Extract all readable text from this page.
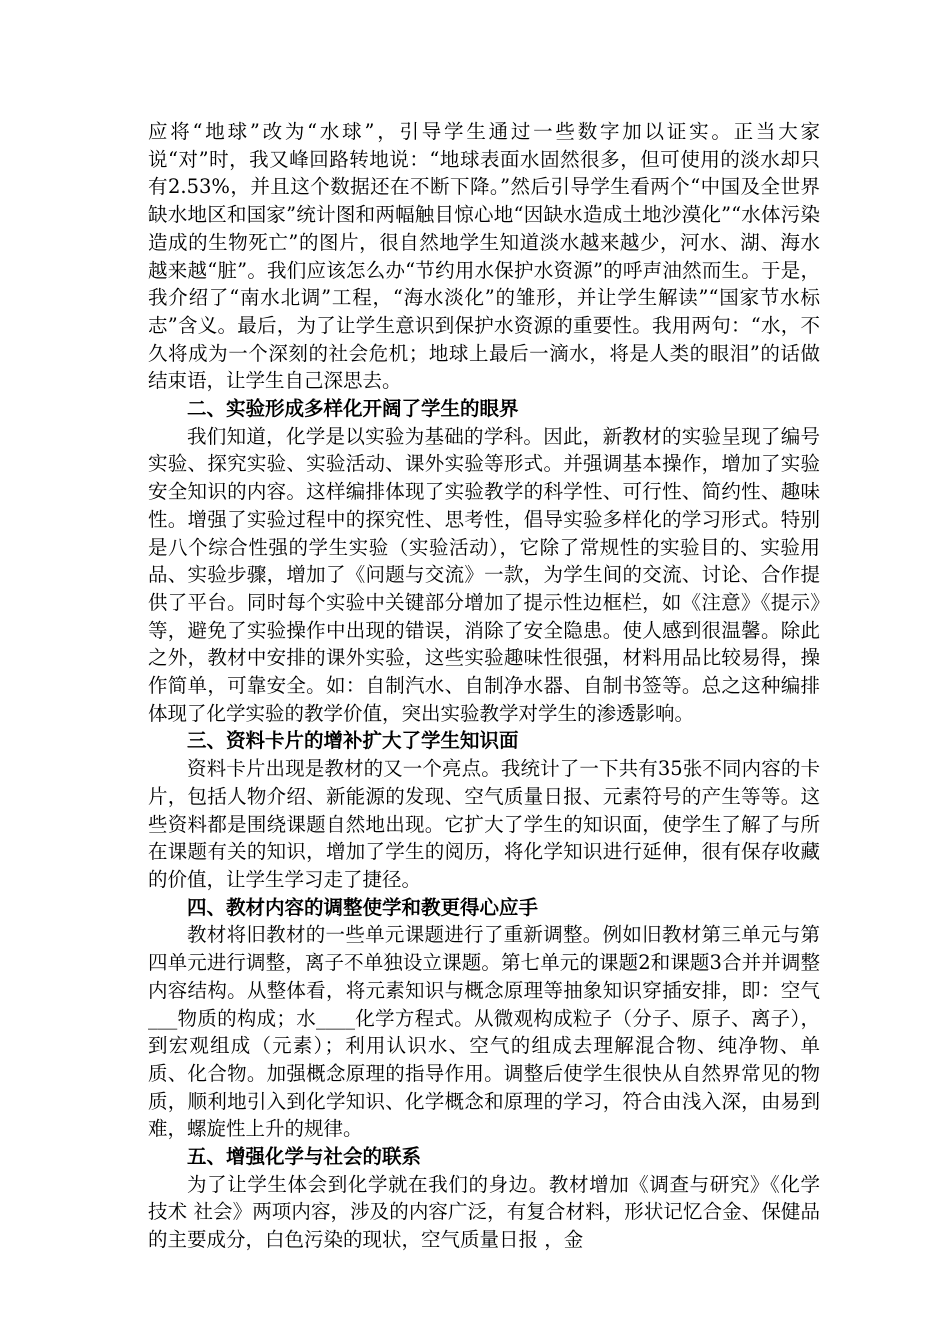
应将“地球”改为“水球”，引导学生通过一些数字加以证实。正当大家说“对”时，我又峰回路转地说：“地球表面水固然很多，但可使用的淡水却只有2.53%，并且这个数据还在不断下降。”然后引导学生看两个“中国及全世界缺水地区和国家”统计图和两幅触目惊心地“因缺水造成土地沙漠化”“水体污染造成的生物死亡”的图片，很自然地学生知道淡水越来越少，河水、湖、海水越来越“脏”。我们应该怎么办“节约用水保护水资源”的呼声油然而生。于是，我介绍了“南水北调”工程，“海水淡化”的雏形，并让学生解读”“国家节水标志”含义。最后，为了让学生意识到保护水资源的重要性。我用两句：“水，不久将成为一个深刻的社会危机；地球上最后一滴水，将是人类的眼泪”的话做结束语，让学生自己深思去。

二、实验形成多样化开阔了学生的眼界

我们知道，化学是以实验为基础的学科。因此，新教材的实验呈现了编号实验、探究实验、实验活动、课外实验等形式。并强调基本操作，增加了实验安全知识的内容。这样编排体现了实验教学的科学性、可行性、简约性、趣味性。增强了实验过程中的探究性、思考性，倡导实验多样化的学习形式。特别是八个综合性强的学生实验（实验活动），它除了常规性的实验目的、实验用品、实验步骤，增加了《问题与交流》一款，为学生间的交流、讨论、合作提供了平台。同时每个实验中关键部分增加了提示性边框栏，如《注意》《提示》等，避免了实验操作中出现的错误，消除了安全隐患。使人感到很温馨。除此之外，教材中安排的课外实验，这些实验趣味性很强，材料用品比较易得，操作简单，可靠安全。如：自制汽水、自制净水器、自制书签等。总之这种编排体现了化学实验的教学价值，突出实验教学对学生的渗透影响。

三、资料卡片的增补扩大了学生知识面

资料卡片出现是教材的又一个亮点。我统计了一下共有35张不同内容的卡片，包括人物介绍、新能源的发现、空气质量日报、元素符号的产生等等。这些资料都是围绕课题自然地出现。它扩大了学生的知识面，使学生了解了与所在课题有关的知识，增加了学生的阅历，将化学知识进行延伸，很有保存收藏的价值，让学生学习走了捷径。

四、教材内容的调整使学和教更得心应手

教材将旧教材的一些单元课题进行了重新调整。例如旧教材第三单元与第四单元进行调整，离子不单独设立课题。第七单元的课题2和课题3合并并调整内容结构。从整体看，将元素知识与概念原理等抽象知识穿插安排，即：空气___物质的构成；水____化学方程式。从微观构成粒子（分子、原子、离子），到宏观组成（元素）；利用认识水、空气的组成去理解混合物、纯净物、单质、化合物。加强概念原理的指导作用。调整后使学生很快从自然界常见的物质，顺利地引入到化学知识、化学概念和原理的学习，符合由浅入深，由易到难，螺旋性上升的规律。

五、增强化学与社会的联系

为了让学生体会到化学就在我们的身边。教材增加《调查与研究》《化学 技术 社会》两项内容，涉及的内容广泛，有复合材料，形状记忆合金、保健品的主要成分，白色污染的现状，空气质量日报 ，金
